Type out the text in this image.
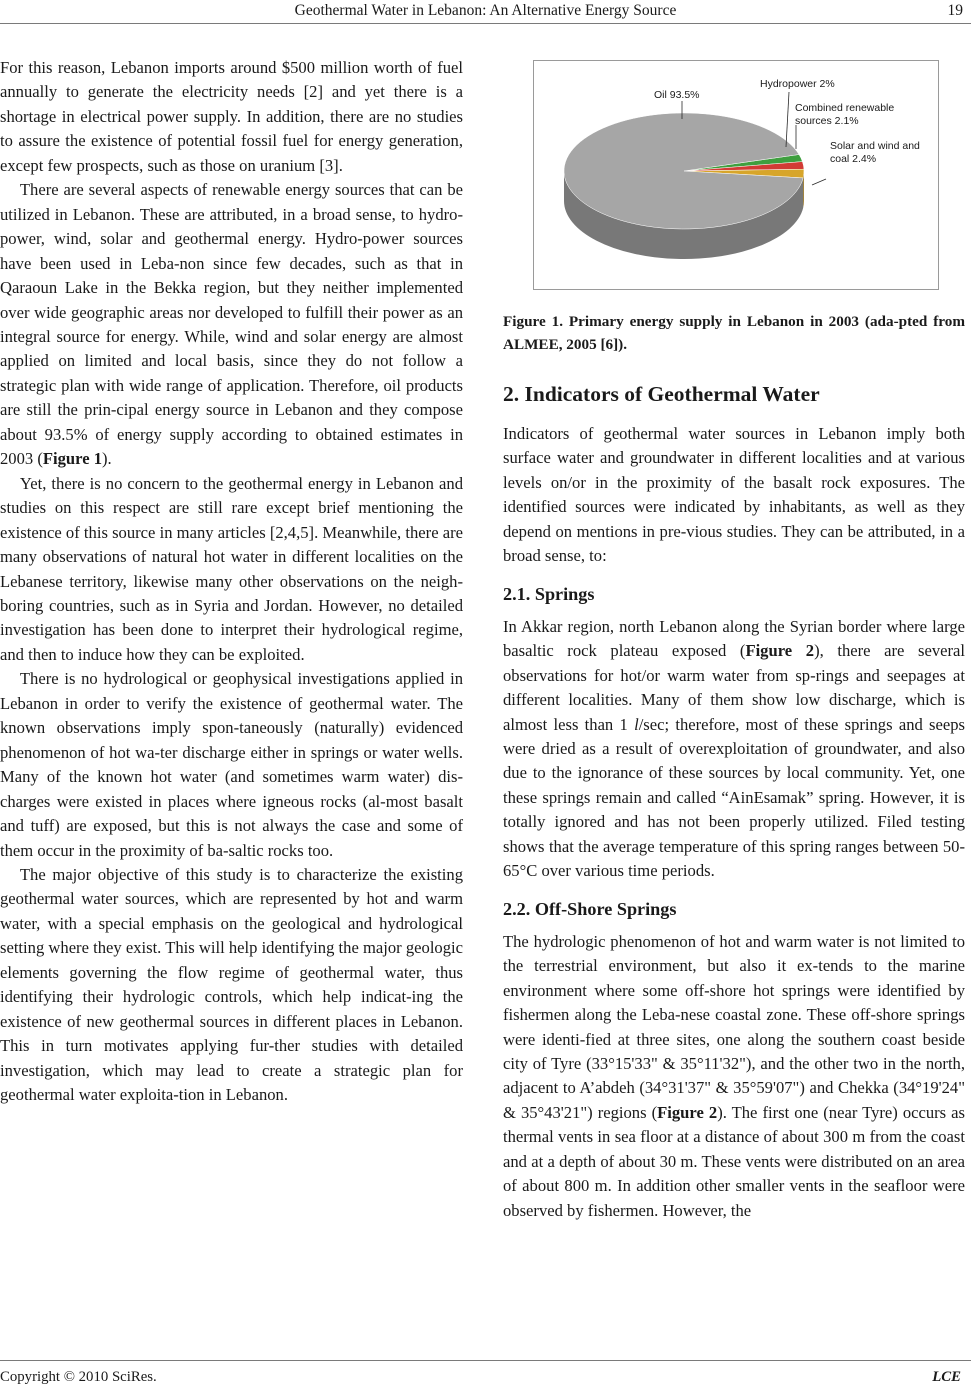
Geothermal Water in Lebanon: An Alternative Energy Source	19

For this reason, Lebanon imports around $500 million worth of fuel annually to generate the electricity needs [2] and yet there is a shortage in electrical power supply. In addition, there are no studies to assure the existence of potential fossil fuel for energy generation, except few prospects, such as those on uranium [3].

There are several aspects of renewable energy sources that can be utilized in Lebanon. These are attributed, in a broad sense, to hydro-power, wind, solar and geothermal energy. Hydro-power sources have been used in Leba-non since few decades, such as that in Qaraoun Lake in the Bekka region, but they neither implemented over wide geographic areas nor developed to fulfill their power as an integral source for energy. While, wind and solar energy are almost applied on limited and local basis, since they do not follow a strategic plan with wide range of application. Therefore, oil products are still the prin-cipal energy source in Lebanon and they compose about 93.5% of energy supply according to obtained estimates in 2003 (Figure 1).

Yet, there is no concern to the geothermal energy in Lebanon and studies on this respect are still rare except brief mentioning the existence of this source in many articles [2,4,5]. Meanwhile, there are many observations of natural hot water in different localities on the Lebanese territory, likewise many other observations on the neigh-boring countries, such as in Syria and Jordan. However, no detailed investigation has been done to interpret their hydrological regime, and then to induce how they can be exploited.

There is no hydrological or geophysical investigations applied in Lebanon in order to verify the existence of geothermal water. The known observations imply spon-taneously (naturally) evidenced phenomenon of hot wa-ter discharge either in springs or water wells. Many of the known hot water (and sometimes warm water) dis-charges were existed in places where igneous rocks (al-most basalt and tuff) are exposed, but this is not always the case and some of them occur in the proximity of ba-saltic rocks too.

The major objective of this study is to characterize the existing geothermal water sources, which are represented by hot and warm water, with a special emphasis on the geological and hydrological setting where they exist. This will help identifying the major geologic elements governing the flow regime of geothermal water, thus identifying their hydrologic controls, which help indicat-ing the existence of new geothermal sources in different places in Lebanon. This in turn motivates applying fur-ther studies with detailed investigation, which may lead to create a strategic plan for geothermal water exploita-tion in Lebanon.

Oil 93.5%
Hydropower 2%
Combined renewable
sources 2.1%
Solar and wind and
coal 2.4%
Figure 1. Primary energy supply in Lebanon in 2003 (ada-pted from ALMEE, 2005 [6]).
2. Indicators of Geothermal Water

Indicators of geothermal water sources in Lebanon imply both surface water and groundwater in different localities and at various levels on/or in the proximity of the basalt rock exposures. The identified sources were indicated by inhabitants, as well as they depend on mentions in pre-vious studies. They can be attributed, in a broad sense, to:

2.1. Springs

In Akkar region, north Lebanon along the Syrian border where large basaltic rock plateau exposed (Figure 2), there are several observations for hot/or warm water from sp-rings and seepages at different localities. Many of them show low discharge, which is almost less than 1 l/sec; therefore, most of these springs and seeps were dried as a result of overexploitation of groundwater, and also due to the ignorance of these sources by local community. Yet, one these springs remain and called “AinEsamak” spring. However, it is totally ignored and has not been properly utilized. Filed testing shows that the average temperature of this spring ranges between 50-65°C over various time periods.

2.2. Off-Shore Springs

The hydrologic phenomenon of hot and warm water is not limited to the terrestrial environment, but also it ex-tends to the marine environment where some off-shore hot springs were identified by fishermen along the Leba-nese coastal zone. These off-shore springs were identi-fied at three sites, one along the southern coast beside city of Tyre (33°15'33" & 35°11'32"), and the other two in the north, adjacent to A’abdeh (34°31'37" & 35°59'07") and Chekka (34°19'24" & 35°43'21") regions (Figure 2). The first one (near Tyre) occurs as thermal vents in sea floor at a distance of about 300 m from the coast and at a depth of about 30 m. These vents were distributed on an area of about 800 m. In addition other smaller vents in the seafloor were observed by fishermen. However, the

Copyright © 2010 SciRes.	LCE
